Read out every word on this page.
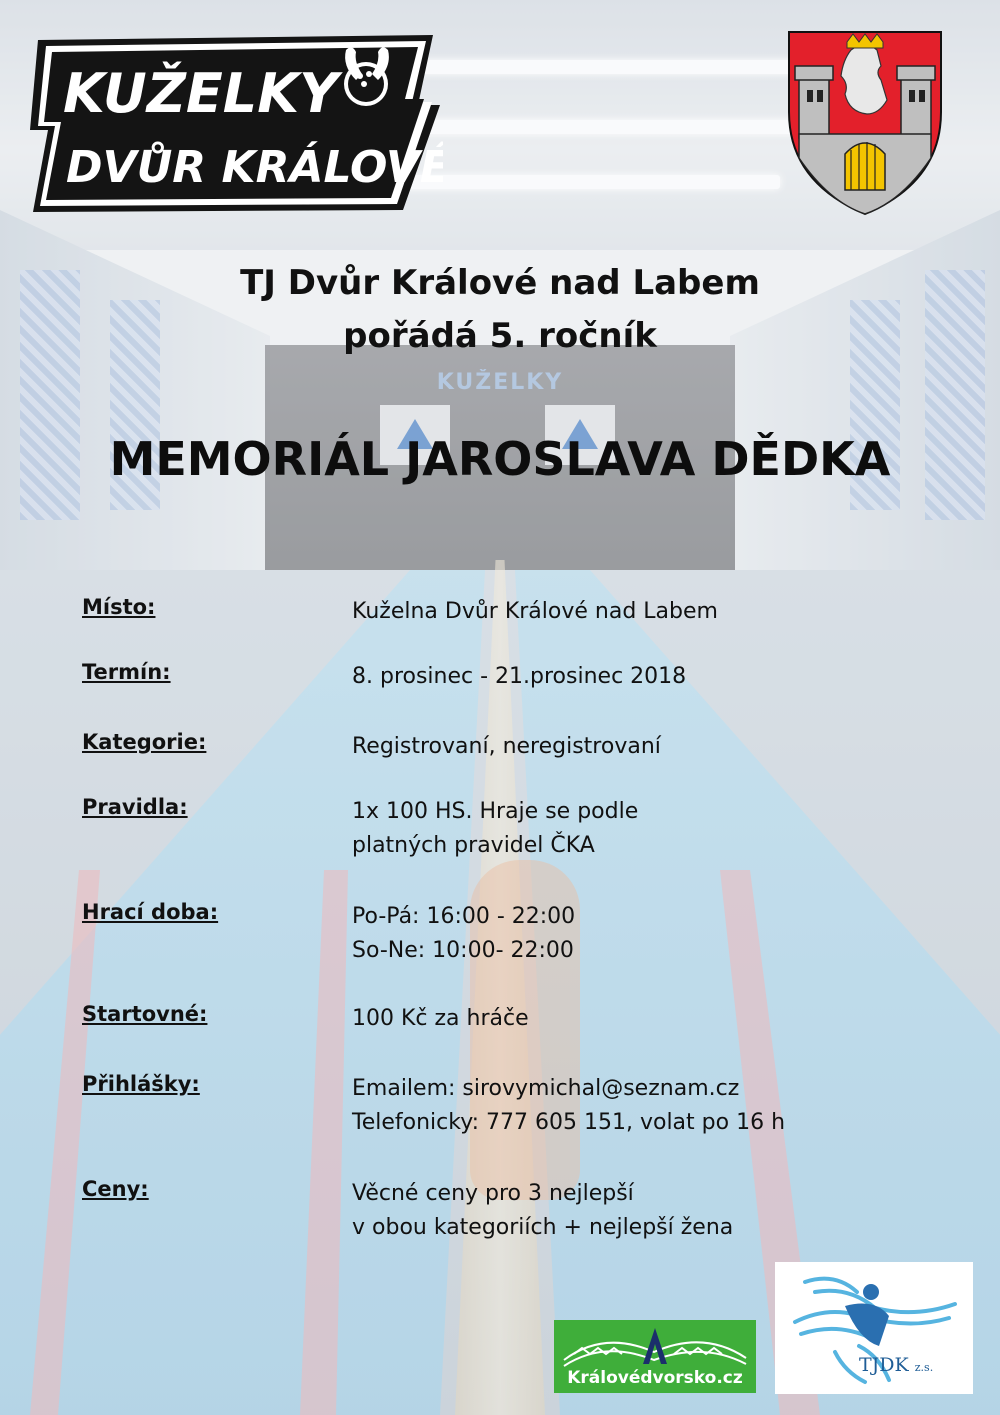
KUŽELKY
KUŽELKY
DVŮR KRÁLOVÉ
TJ Dvůr Králové nad Labem
pořádá 5. ročník
MEMORIÁL JAROSLAVA DĚDKA
Místo:	Kuželna Dvůr Králové nad Labem
Termín:	8. prosinec - 21.prosinec 2018
Kategorie:	Registrovaní, neregistrovaní
Pravidla:	1x 100 HS. Hraje se podle
platných pravidel ČKA
Hrací doba:	Po-Pá: 16:00 - 22:00
So-Ne: 10:00- 22:00
Startovné:	100 Kč za hráče
Přihlášky:	Emailem: sirovymichal@seznam.cz
Telefonicky: 777 605 151, volat po 16 h
Ceny:	Věcné ceny pro 3 nejlepší
v obou kategoriích + nejlepší žena
Královédvorsko.cz
TJDK z.s.
